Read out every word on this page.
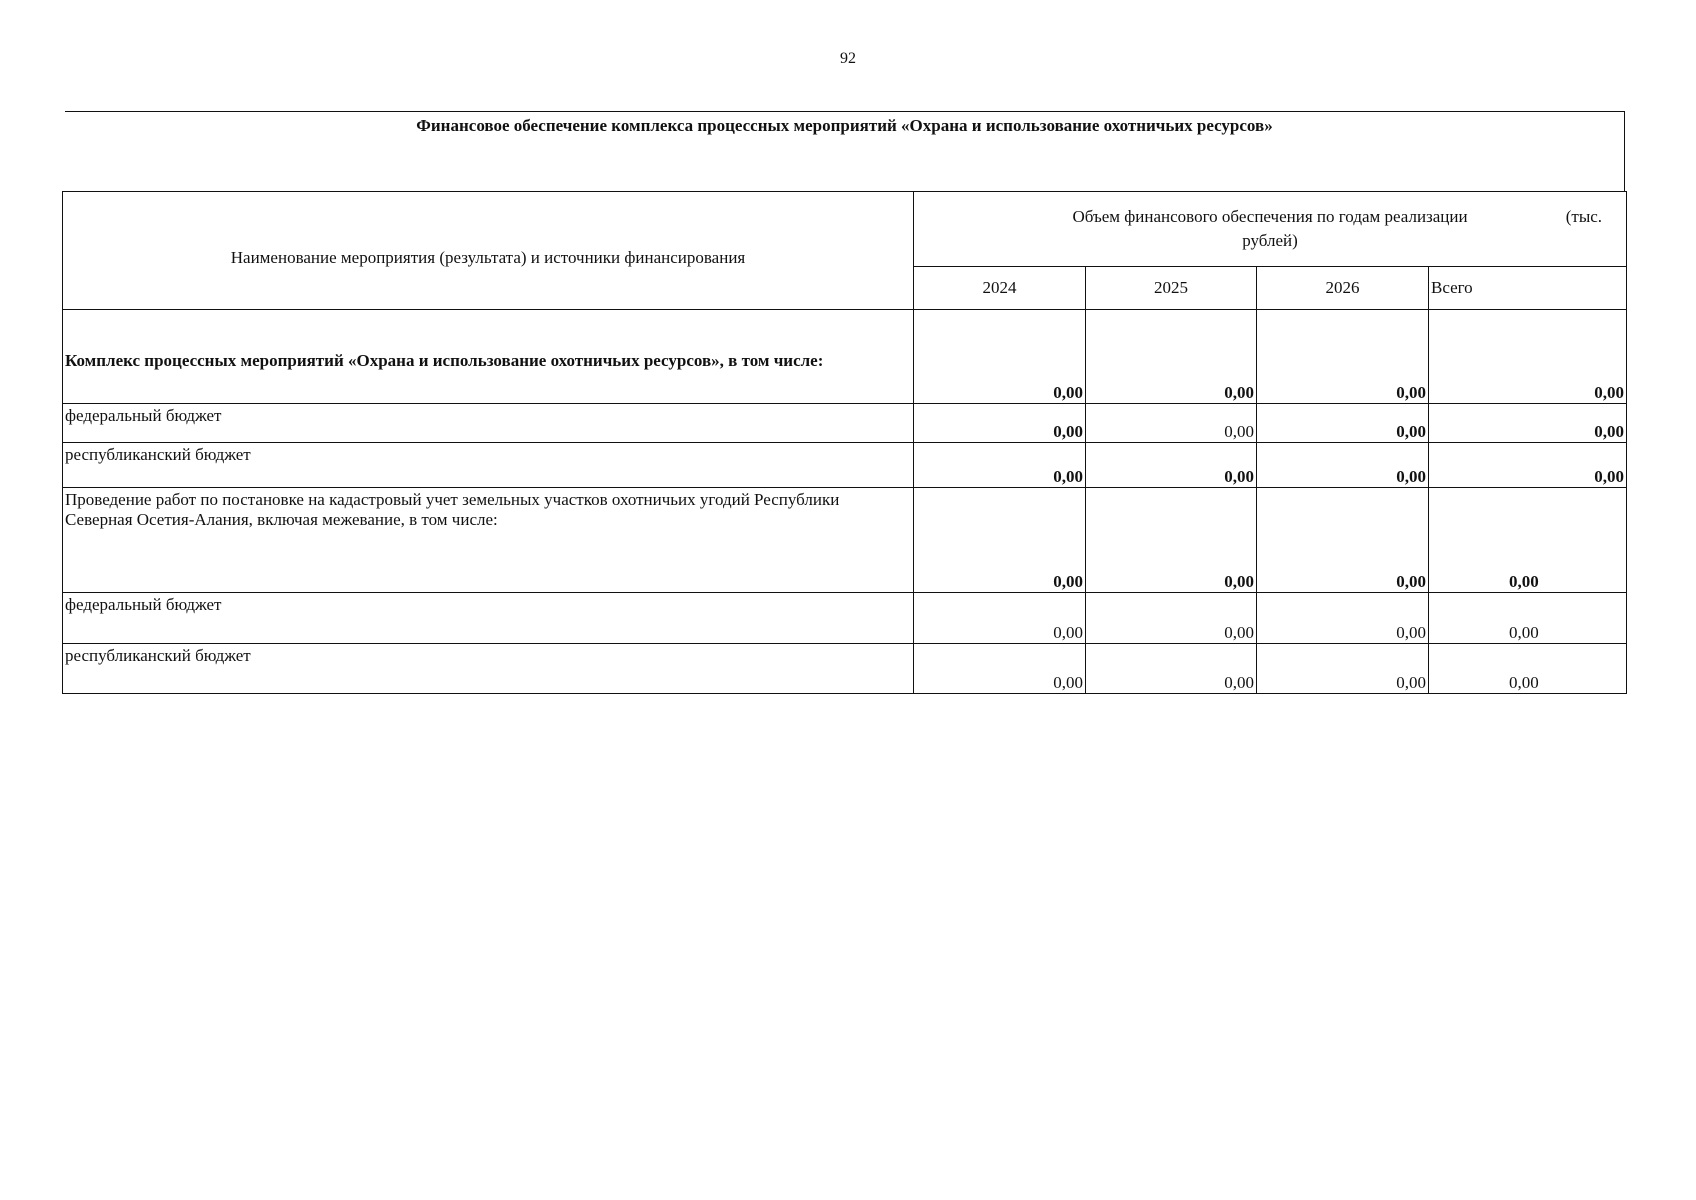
92
Финансовое обеспечение комплекса процессных мероприятий «Охрана и использование охотничьих ресурсов»
Наименование мероприятия (результата) и источники финансирования	Объем финансового обеспечения по годам реализации (тыс.

рублей)			
	2024	2025	2026	Всего
Комплекс процессных мероприятий «Охрана и использование охотничьих ресурсов», в том числе:	0,00	0,00	0,00	0,00
федеральный бюджет	0,00	0,00	0,00	0,00
республиканский бюджет	0,00	0,00	0,00	0,00
Проведение работ по постановке на кадастровый учет земельных участков охотничьих угодий Республики Северная Осетия-Алания, включая межевание, в том числе:	0,00	0,00	0,00	0,00
федеральный бюджет	0,00	0,00	0,00	0,00
республиканский бюджет	0,00	0,00	0,00	0,00
